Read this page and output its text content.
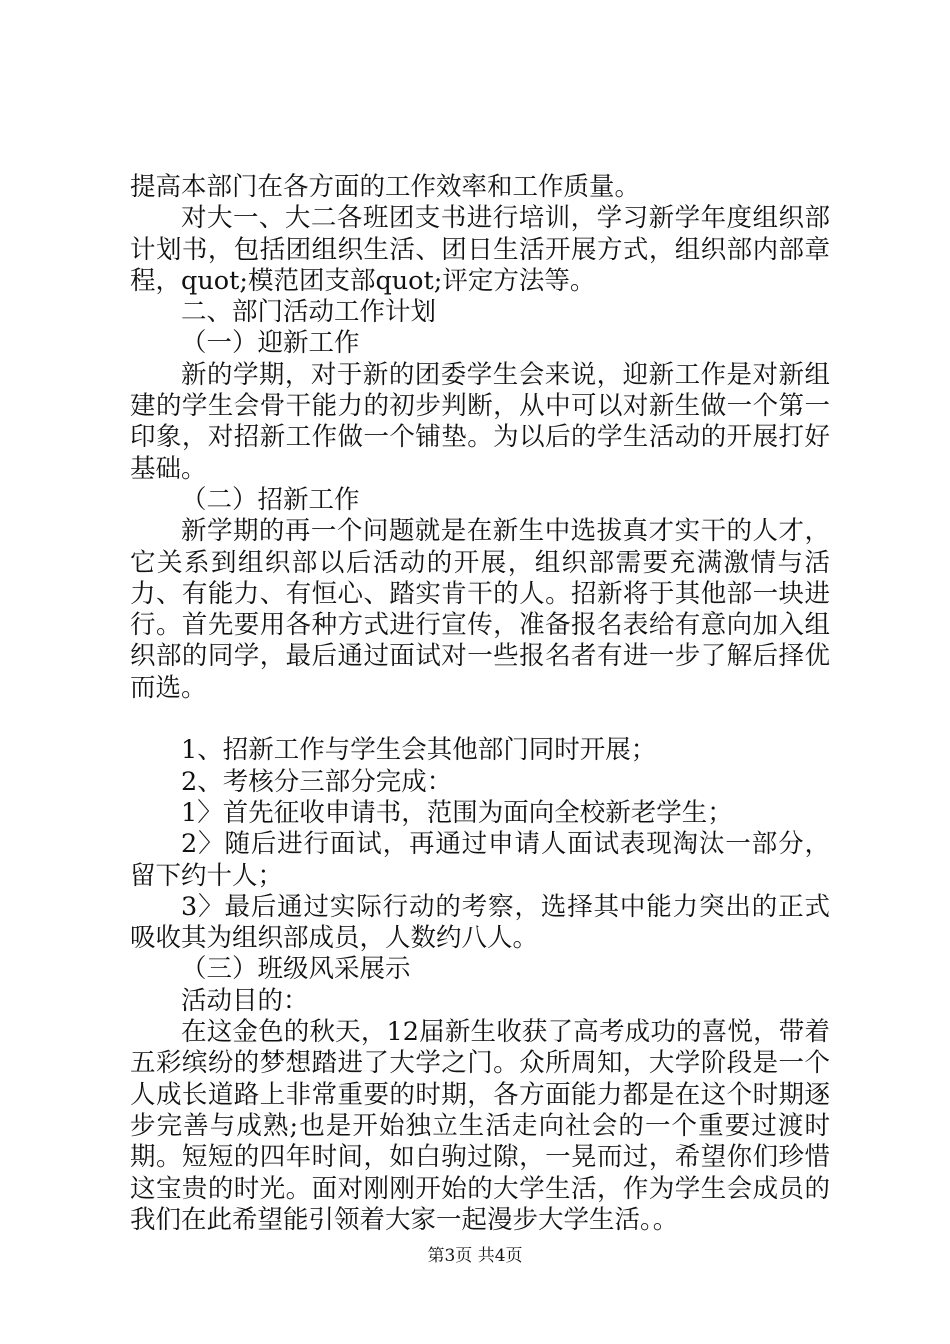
提高本部门在各方面的工作效率和工作质量。

对大一、大二各班团支书进行培训，学习新学年度组织部计划书，包括团组织生活、团日生活开展方式，组织部内部章程，quot;模范团支部quot;评定方法等。

二、部门活动工作计划

（一）迎新工作

新的学期，对于新的团委学生会来说，迎新工作是对新组建的学生会骨干能力的初步判断，从中可以对新生做一个第一印象，对招新工作做一个铺垫。为以后的学生活动的开展打好基础。

（二）招新工作

新学期的再一个问题就是在新生中选拔真才实干的人才，它关系到组织部以后活动的开展，组织部需要充满激情与活力、有能力、有恒心、踏实肯干的人。招新将于其他部一块进行。首先要用各种方式进行宣传，准备报名表给有意向加入组织部的同学，最后通过面试对一些报名者有进一步了解后择优而选。

1、招新工作与学生会其他部门同时开展；

2、考核分三部分完成：

1〉首先征收申请书，范围为面向全校新老学生；

2〉随后进行面试，再通过申请人面试表现淘汰一部分，留下约十人；

3〉最后通过实际行动的考察，选择其中能力突出的正式吸收其为组织部成员，人数约八人。

（三）班级风采展示

活动目的：

在这金色的秋天，12届新生收获了高考成功的喜悦，带着五彩缤纷的梦想踏进了大学之门。众所周知，大学阶段是一个人成长道路上非常重要的时期，各方面能力都是在这个时期逐步完善与成熟;也是开始独立生活走向社会的一个重要过渡时期。短短的四年时间，如白驹过隙，一晃而过，希望你们珍惜这宝贵的时光。面对刚刚开始的大学生活，作为学生会成员的我们在此希望能引领着大家一起漫步大学生活。。

第3页 共4页
